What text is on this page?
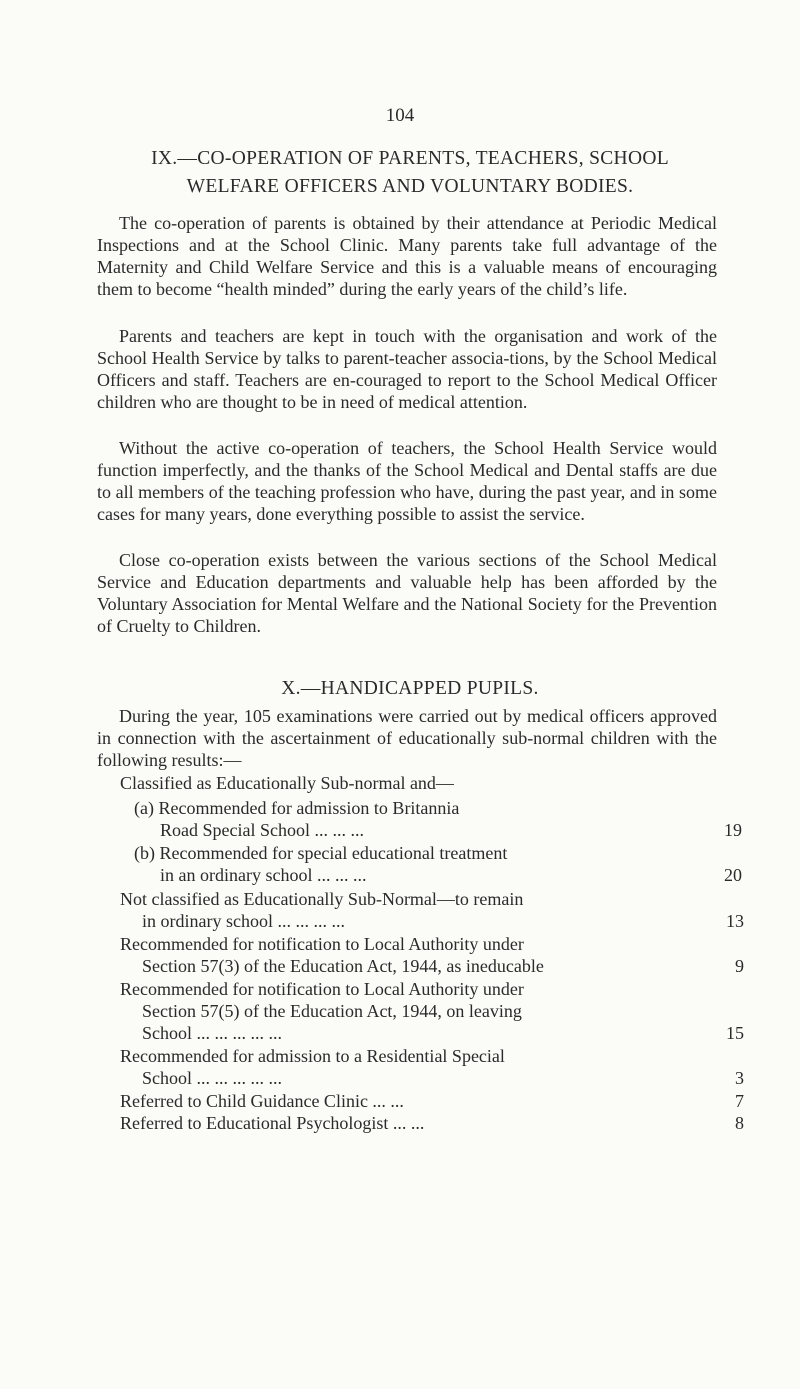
104
IX.—CO-OPERATION OF PARENTS, TEACHERS, SCHOOL
WELFARE OFFICERS AND VOLUNTARY BODIES.

The co-operation of parents is obtained by their attendance at Periodic Medical Inspections and at the School Clinic. Many parents take full advantage of the Maternity and Child Welfare Service and this is a valuable means of encouraging them to become “health minded” during the early years of the child’s life.

Parents and teachers are kept in touch with the organisation and work of the School Health Service by talks to parent-teacher associa-tions, by the School Medical Officers and staff. Teachers are en-couraged to report to the School Medical Officer children who are thought to be in need of medical attention.

Without the active co-operation of teachers, the School Health Service would function imperfectly, and the thanks of the School Medical and Dental staffs are due to all members of the teaching profession who have, during the past year, and in some cases for many years, done everything possible to assist the service.

Close co-operation exists between the various sections of the School Medical Service and Education departments and valuable help has been afforded by the Voluntary Association for Mental Welfare and the National Society for the Prevention of Cruelty to Children.

X.—HANDICAPPED PUPILS.

During the year, 105 examinations were carried out by medical officers approved in connection with the ascertainment of educationally sub-normal children with the following results:—

Classified as Educationally Sub-normal and—
(a) Recommended for admission to Britannia
Road Special School ... ... ...	19
(b) Recommended for special educational treatment
in an ordinary school ... ... ...	20
Not classified as Educationally Sub-Normal—to remain
in ordinary school ... ... ... ...	13
Recommended for notification to Local Authority under
Section 57(3) of the Education Act, 1944, as ineducable	9
Recommended for notification to Local Authority under
Section 57(5) of the Education Act, 1944, on leaving
School ... ... ... ... ...	15
Recommended for admission to a Residential Special
School ... ... ... ... ...	3
Referred to Child Guidance Clinic ... ...	7
Referred to Educational Psychologist ... ...	8
